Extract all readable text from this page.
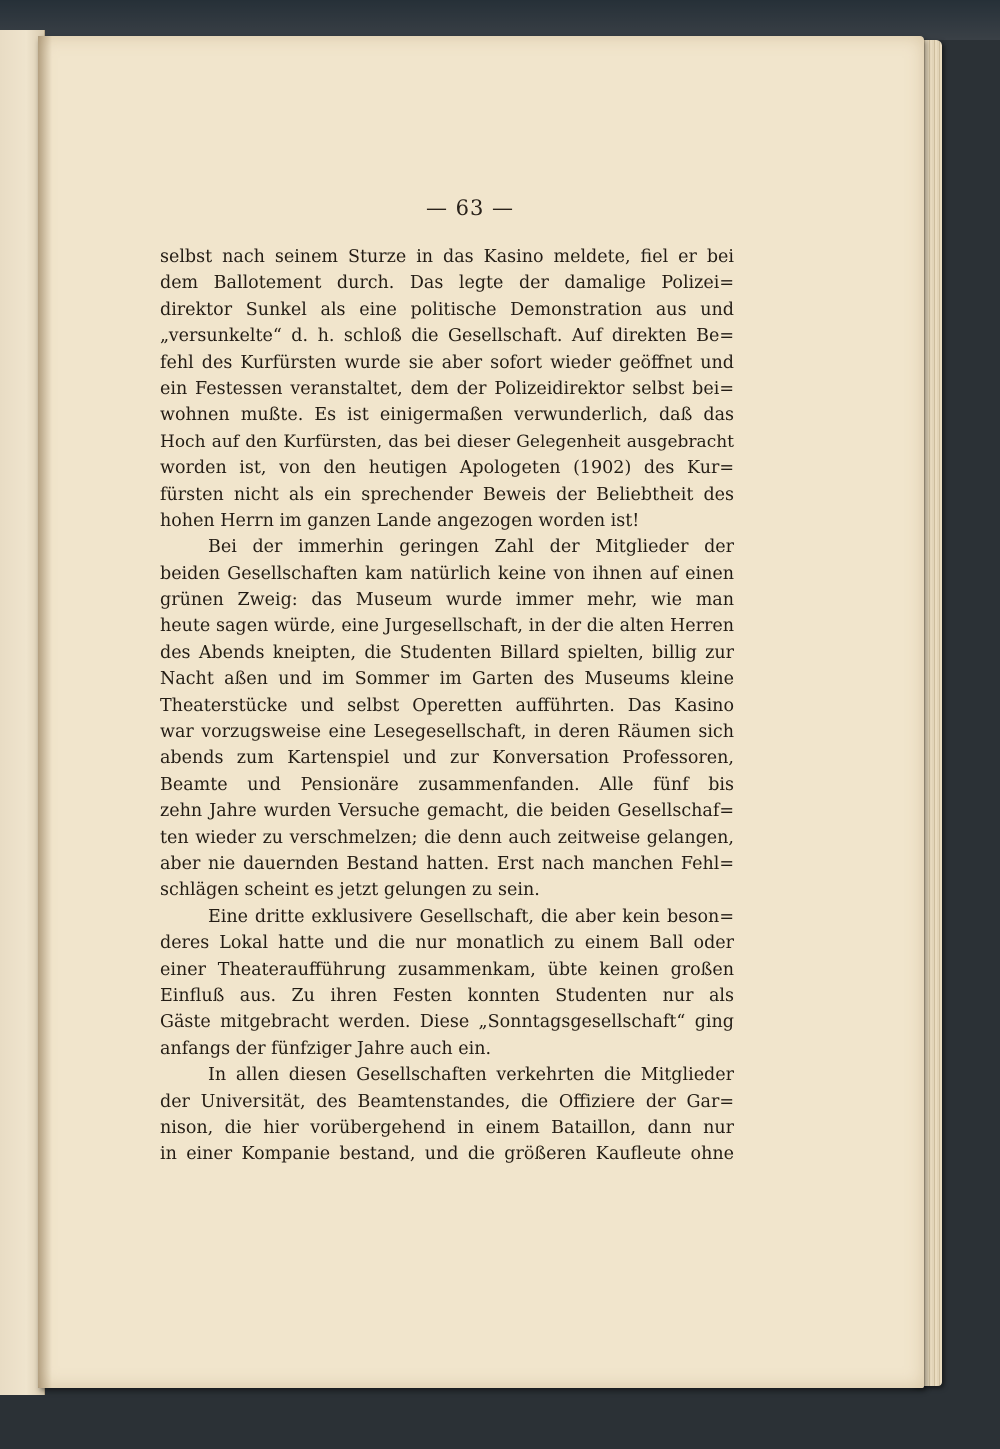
— 63 —
selbst nach seinem Sturze in das Kasino meldete, fiel er bei
dem Ballotement durch. Das legte der damalige Polizei=
direktor Sunkel als eine politische Demonstration aus und
„versunkelte“ d. h. schloß die Gesellschaft. Auf direkten Be=
fehl des Kurfürsten wurde sie aber sofort wieder geöffnet und
ein Festessen veranstaltet, dem der Polizeidirektor selbst bei=
wohnen mußte. Es ist einigermaßen verwunderlich, daß das
Hoch auf den Kurfürsten, das bei dieser Gelegenheit ausgebracht
worden ist, von den heutigen Apologeten (1902) des Kur=
fürsten nicht als ein sprechender Beweis der Beliebtheit des
hohen Herrn im ganzen Lande angezogen worden ist!
Bei der immerhin geringen Zahl der Mitglieder der
beiden Gesellschaften kam natürlich keine von ihnen auf einen
grünen Zweig: das Museum wurde immer mehr, wie man
heute sagen würde, eine Jurgesellschaft, in der die alten Herren
des Abends kneipten, die Studenten Billard spielten, billig zur
Nacht aßen und im Sommer im Garten des Museums kleine
Theaterstücke und selbst Operetten aufführten. Das Kasino
war vorzugsweise eine Lesegesellschaft, in deren Räumen sich
abends zum Kartenspiel und zur Konversation Professoren,
Beamte und Pensionäre zusammenfanden. Alle fünf bis
zehn Jahre wurden Versuche gemacht, die beiden Gesellschaf=
ten wieder zu verschmelzen; die denn auch zeitweise gelangen,
aber nie dauernden Bestand hatten. Erst nach manchen Fehl=
schlägen scheint es jetzt gelungen zu sein.
Eine dritte exklusivere Gesellschaft, die aber kein beson=
deres Lokal hatte und die nur monatlich zu einem Ball oder
einer Theateraufführung zusammenkam, übte keinen großen
Einfluß aus. Zu ihren Festen konnten Studenten nur als
Gäste mitgebracht werden. Diese „Sonntagsgesellschaft“ ging
anfangs der fünfziger Jahre auch ein.
In allen diesen Gesellschaften verkehrten die Mitglieder
der Universität, des Beamtenstandes, die Offiziere der Gar=
nison, die hier vorübergehend in einem Bataillon, dann nur
in einer Kompanie bestand, und die größeren Kaufleute ohne
